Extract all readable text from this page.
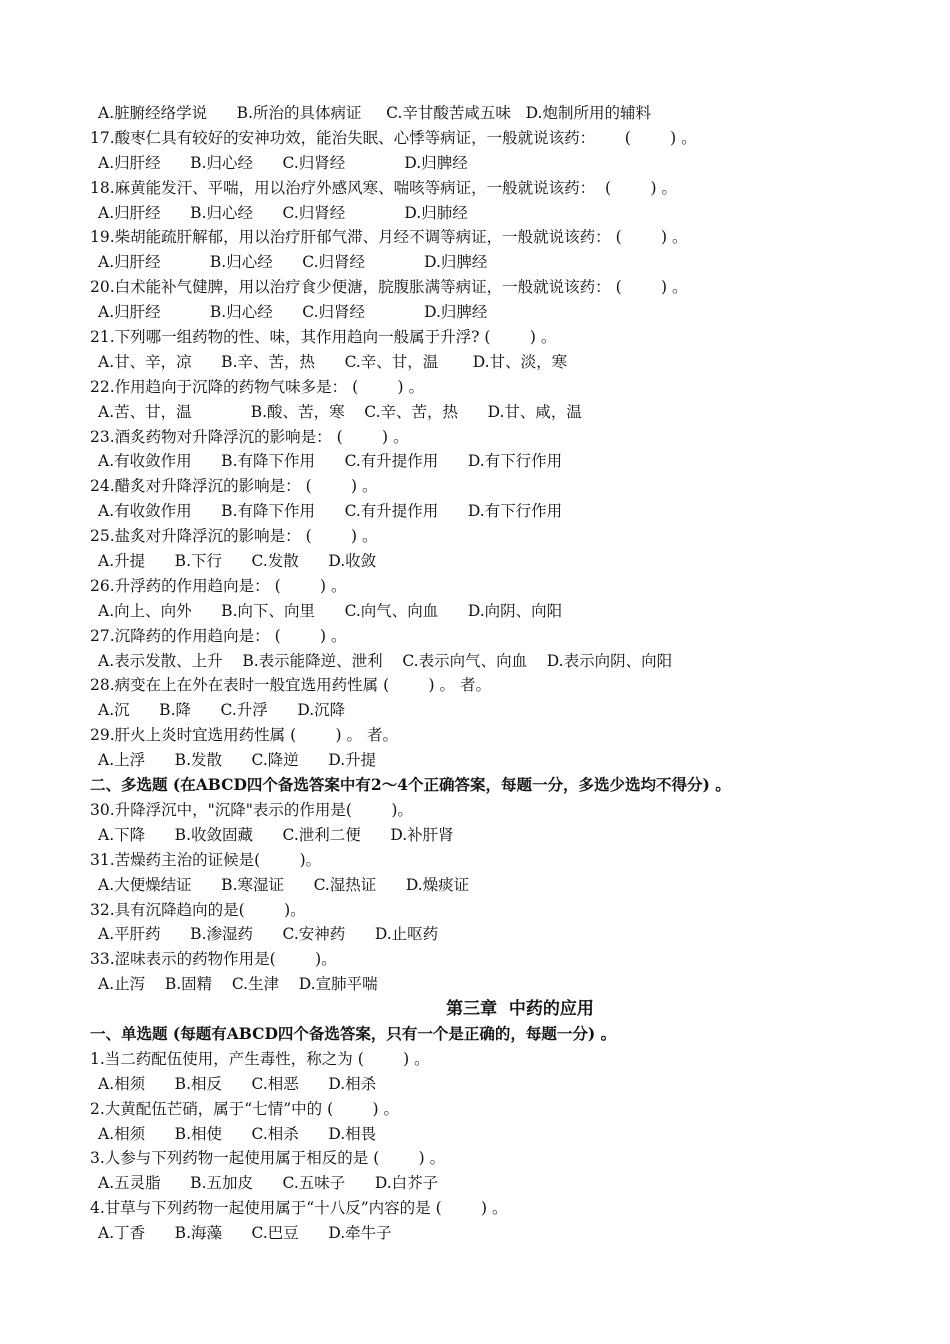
A.脏腑经络学说      B.所治的具体病证     C.辛甘酸苦咸五味   D.炮制所用的辅料
17.酸枣仁具有较好的安神功效，能治失眠、心悸等病证，一般就说该药：      (        ) 。
A.归肝经      B.归心经      C.归肾经            D.归脾经
18.麻黄能发汗、平喘，用以治疗外感风寒、喘咳等病证，一般就说该药：  (        ) 。
A.归肝经      B.归心经      C.归肾经            D.归肺经
19.柴胡能疏肝解郁，用以治疗肝郁气滞、月经不调等病证，一般就说该药： (        ) 。
A.归肝经          B.归心经      C.归肾经            D.归脾经
20.白术能补气健脾，用以治疗食少便溏，脘腹胀满等病证，一般就说该药： (        ) 。
A.归肝经          B.归心经      C.归肾经            D.归脾经
21.下列哪一组药物的性、味，其作用趋向一般属于升浮? (        ) 。
A.甘、辛，凉      B.辛、苦，热      C.辛、甘，温       D.甘、淡，寒
22.作用趋向于沉降的药物气味多是： (        ) 。
A.苦、甘，温            B.酸、苦，寒    C.辛、苦，热      D.甘、咸，温
23.酒炙药物对升降浮沉的影响是： (        ) 。
A.有收敛作用      B.有降下作用      C.有升提作用      D.有下行作用
24.醋炙对升降浮沉的影响是： (        ) 。
A.有收敛作用      B.有降下作用      C.有升提作用      D.有下行作用
25.盐炙对升降浮沉的影响是： (        ) 。
A.升提      B.下行      C.发散      D.收敛
26.升浮药的作用趋向是： (        ) 。
A.向上、向外      B.向下、向里      C.向气、向血      D.向阴、向阳
27.沉降药的作用趋向是： (        ) 。
A.表示发散、上升    B.表示能降逆、泄利    C.表示向气、向血    D.表示向阴、向阳
28.病变在上在外在表时一般宜选用药性属 (        ) 。 者。
A.沉      B.降      C.升浮      D.沉降
29.肝火上炎时宜选用药性属 (        ) 。 者。
A.上浮      B.发散      C.降逆      D.升提
二、多选题 (在ABCD四个备选答案中有2～4个正确答案，每题一分，多选少选均不得分) 。
30.升降浮沉中，"沉降"表示的作用是(        )。
A.下降      B.收敛固藏      C.泄利二便      D.补肝肾
31.苦燥药主治的证候是(        )。
A.大便燥结证      B.寒湿证      C.湿热证      D.燥痰证
32.具有沉降趋向的是(        )。
A.平肝药      B.渗湿药      C.安神药      D.止呕药
33.涩味表示的药物作用是(        )。
A.止泻    B.固精    C.生津    D.宣肺平喘
第三章  中药的应用
一、单选题 (每题有ABCD四个备选答案，只有一个是正确的，每题一分) 。
1.当二药配伍使用，产生毒性，称之为 (        ) 。
A.相须      B.相反      C.相恶      D.相杀
2.大黄配伍芒硝，属于“七情”中的 (        ) 。
A.相须      B.相使      C.相杀      D.相畏
3.人参与下列药物一起使用属于相反的是 (        ) 。
A.五灵脂      B.五加皮      C.五味子      D.白芥子
4.甘草与下列药物一起使用属于“十八反”内容的是 (        ) 。
A.丁香      B.海藻      C.巴豆      D.牵牛子
